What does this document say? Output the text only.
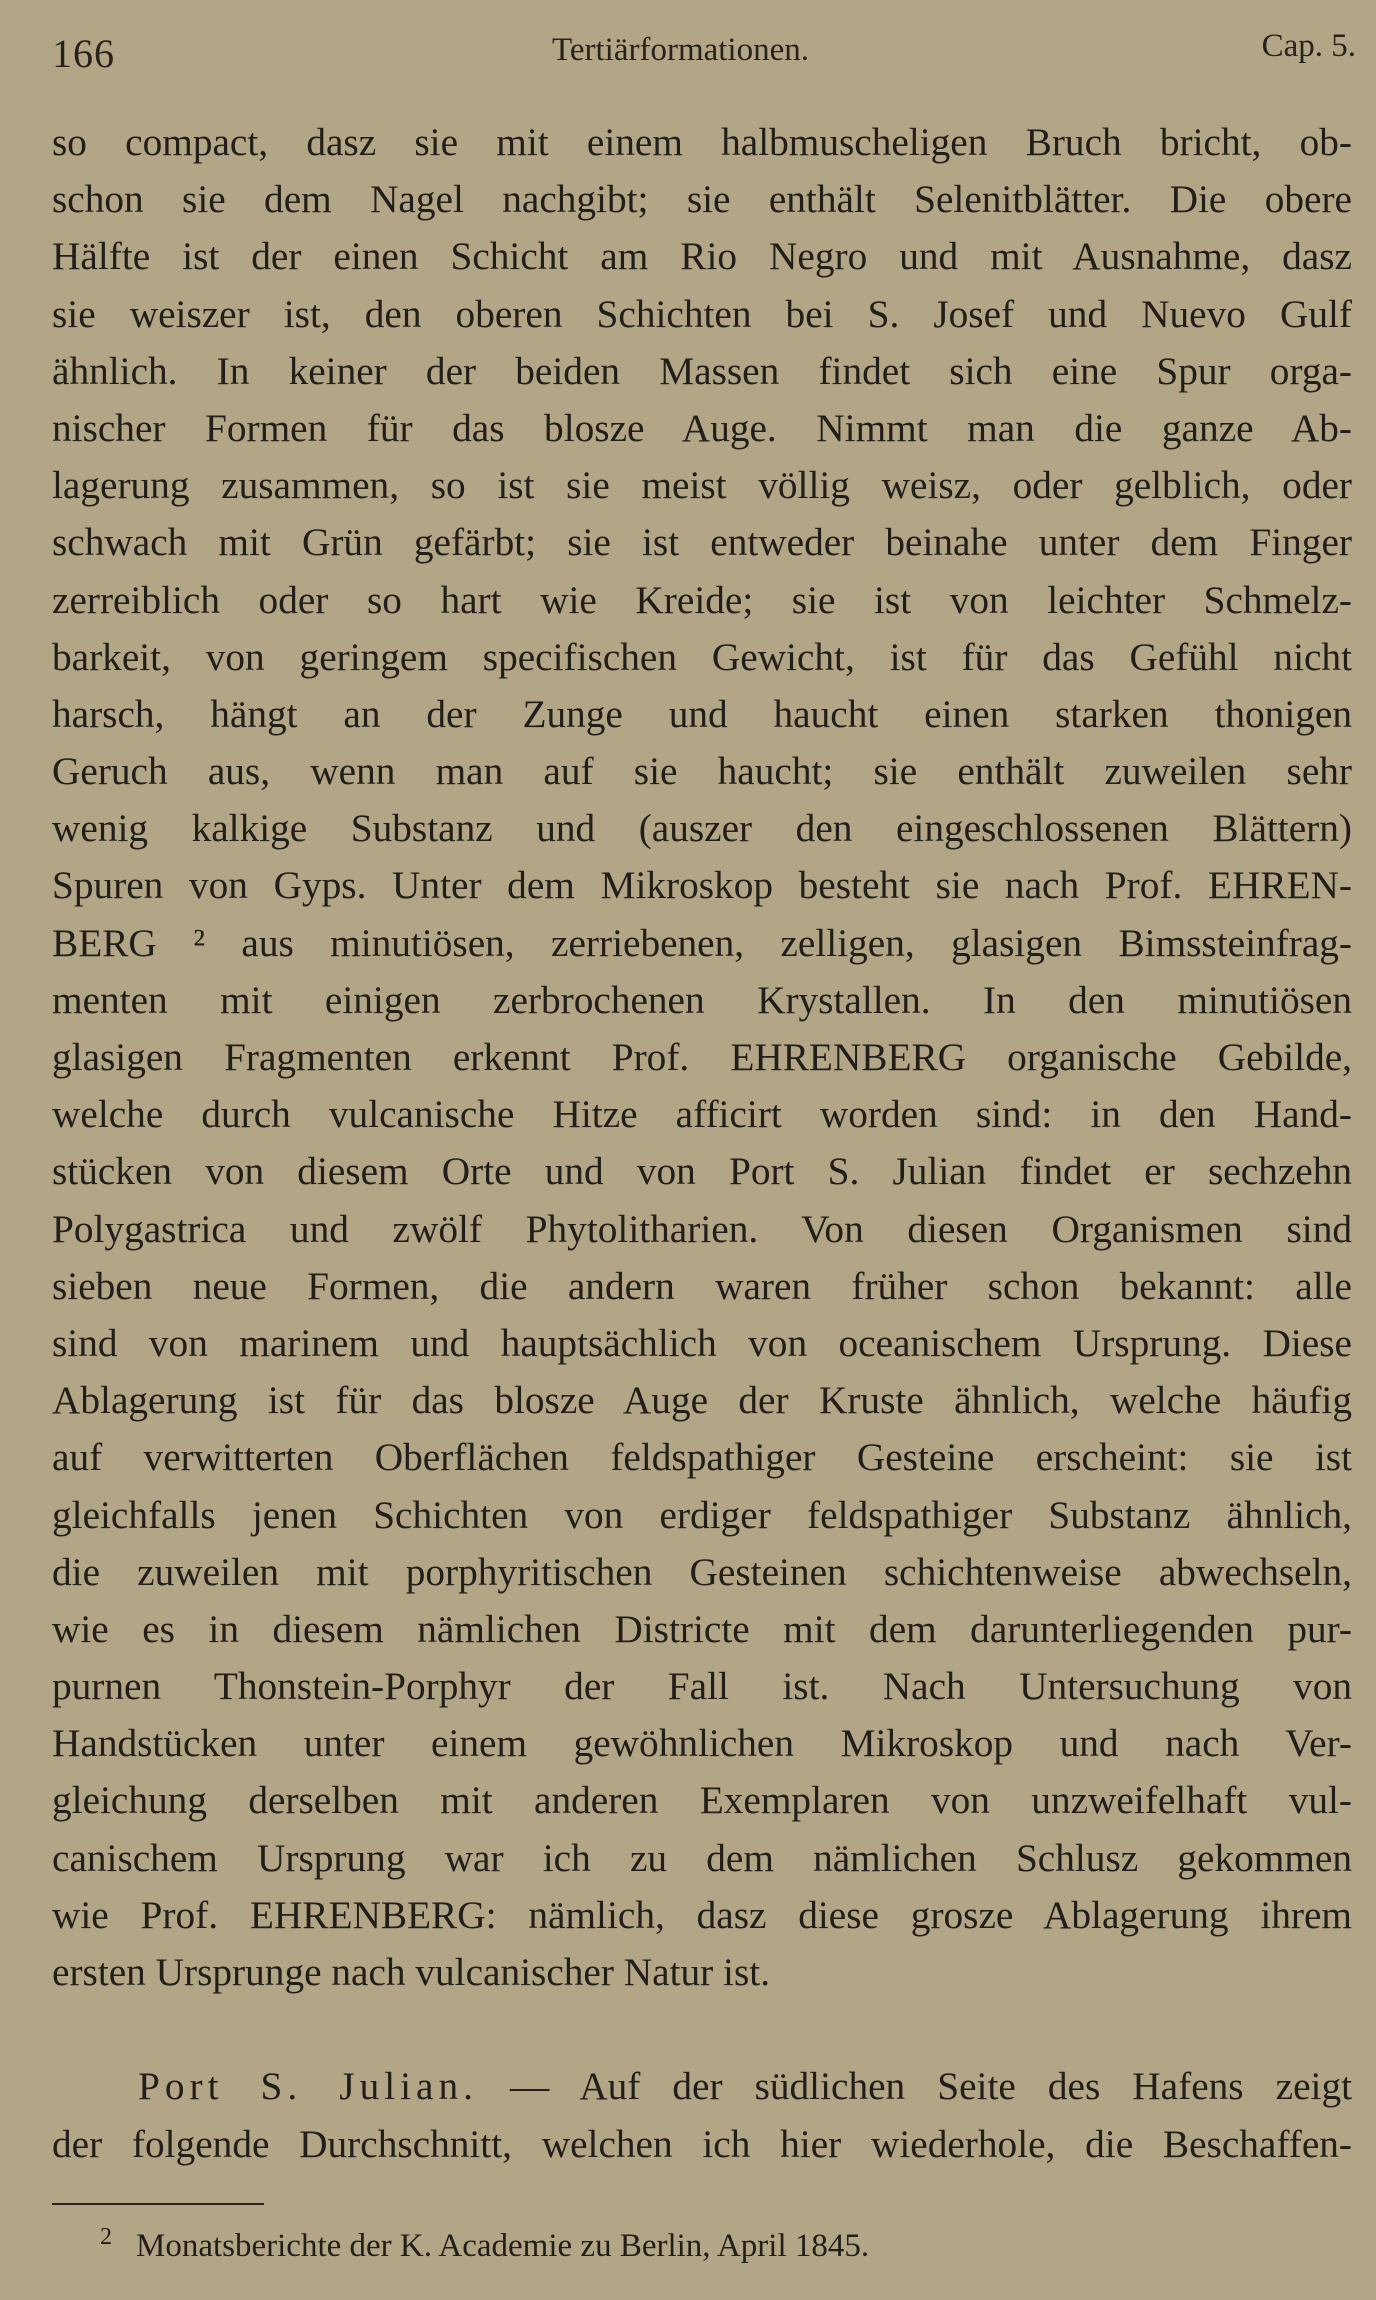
166	Tertiärformationen.	Cap. 5.
so compact, dasz sie mit einem halbmuscheligen Bruch bricht, ob-
schon sie dem Nagel nachgibt; sie enthält Selenitblätter. Die obere
Hälfte ist der einen Schicht am Rio Negro und mit Ausnahme, dasz
sie weiszer ist, den oberen Schichten bei S. Josef und Nuevo Gulf
ähnlich. In keiner der beiden Massen findet sich eine Spur orga-
nischer Formen für das blosze Auge. Nimmt man die ganze Ab-
lagerung zusammen, so ist sie meist völlig weisz, oder gelblich, oder
schwach mit Grün gefärbt; sie ist entweder beinahe unter dem Finger
zerreiblich oder so hart wie Kreide; sie ist von leichter Schmelz-
barkeit, von geringem specifischen Gewicht, ist für das Gefühl nicht
harsch, hängt an der Zunge und haucht einen starken thonigen
Geruch aus, wenn man auf sie haucht; sie enthält zuweilen sehr
wenig kalkige Substanz und (auszer den eingeschlossenen Blättern)
Spuren von Gyps. Unter dem Mikroskop besteht sie nach Prof. EHREN-
BERG ² aus minutiösen, zerriebenen, zelligen, glasigen Bimssteinfrag-
menten mit einigen zerbrochenen Krystallen. In den minutiösen
glasigen Fragmenten erkennt Prof. EHRENBERG organische Gebilde,
welche durch vulcanische Hitze afficirt worden sind: in den Hand-
stücken von diesem Orte und von Port S. Julian findet er sechzehn
Polygastrica und zwölf Phytolitharien. Von diesen Organismen sind
sieben neue Formen, die andern waren früher schon bekannt: alle
sind von marinem und hauptsächlich von oceanischem Ursprung. Diese
Ablagerung ist für das blosze Auge der Kruste ähnlich, welche häufig
auf verwitterten Oberflächen feldspathiger Gesteine erscheint: sie ist
gleichfalls jenen Schichten von erdiger feldspathiger Substanz ähnlich,
die zuweilen mit porphyritischen Gesteinen schichtenweise abwechseln,
wie es in diesem nämlichen Districte mit dem darunterliegenden pur-
purnen Thonstein-Porphyr der Fall ist. Nach Untersuchung von
Handstücken unter einem gewöhnlichen Mikroskop und nach Ver-
gleichung derselben mit anderen Exemplaren von unzweifelhaft vul-
canischem Ursprung war ich zu dem nämlichen Schlusz gekommen
wie Prof. EHRENBERG: nämlich, dasz diese grosze Ablagerung ihrem
ersten Ursprunge nach vulcanischer Natur ist.
Port S. Julian. — Auf der südlichen Seite des Hafens zeigt
der folgende Durchschnitt, welchen ich hier wiederhole, die Beschaffen-
2 Monatsberichte der K. Academie zu Berlin, April 1845.
